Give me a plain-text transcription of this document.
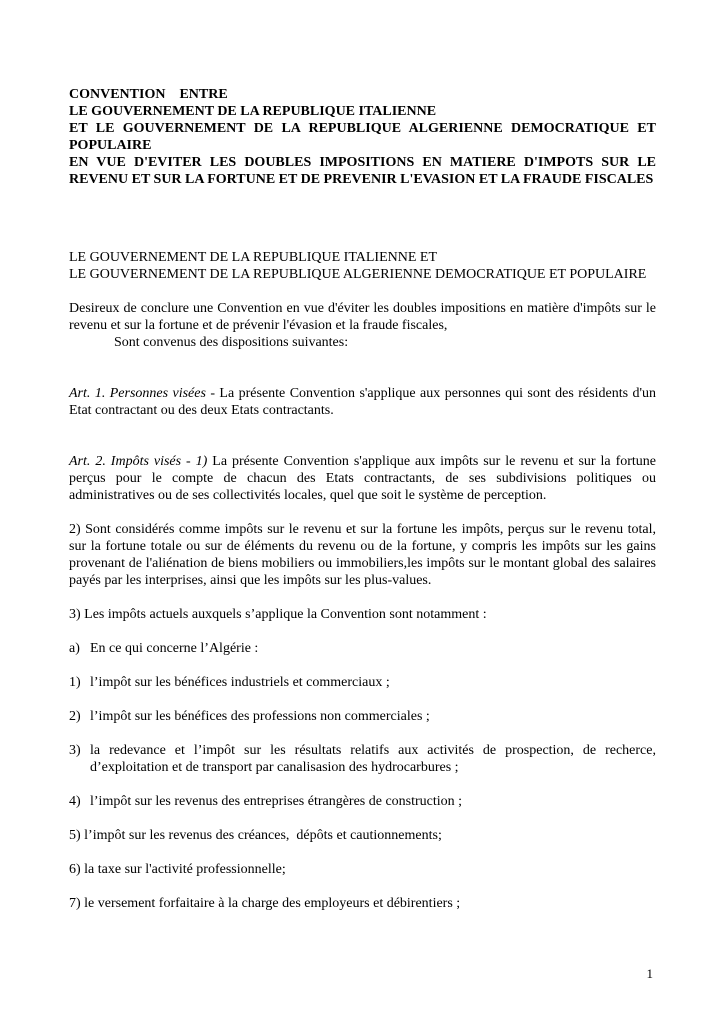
CONVENTION    ENTRE
LE GOUVERNEMENT DE LA REPUBLIQUE ITALIENNE
ET LE GOUVERNEMENT DE LA REPUBLIQUE ALGERIENNE DEMOCRATIQUE ET POPULAIRE
EN VUE D'EVITER LES DOUBLES IMPOSITIONS EN MATIERE D'IMPOTS SUR LE REVENU ET SUR LA FORTUNE ET DE PREVENIR L'EVASION ET LA FRAUDE FISCALES

LE GOUVERNEMENT DE LA REPUBLIQUE ITALIENNE ET

LE GOUVERNEMENT DE LA REPUBLIQUE ALGERIENNE DEMOCRATIQUE ET POPULAIRE

Desireux de conclure une Convention en vue d'éviter les doubles impositions en matière d'impôts sur le revenu et sur la fortune et de prévenir l'évasion et la fraude fiscales,

Sont convenus des dispositions suivantes:

Art. 1. Personnes visées - La présente Convention s'applique aux personnes qui sont des résidents d'un Etat contractant ou des deux Etats contractants.

Art. 2. Impôts visés - 1) La présente Convention s'applique aux impôts sur le revenu et sur la fortune perçus pour le compte de chacun des Etats contractants, de ses subdivisions politiques ou administratives ou de ses collectivités locales, quel que soit le système de perception.

2) Sont considérés comme impôts sur le revenu et sur la fortune les impôts, perçus sur le revenu total, sur la fortune totale ou sur de éléments du revenu ou de la fortune, y compris les impôts sur les gains provenant de l'aliénation de biens mobiliers ou immobiliers,les impôts sur le montant global des salaires payés par les interprises, ainsi que les impôts sur les plus-values.

3) Les impôts actuels auxquels s’applique la Convention sont notamment :

a) En ce qui concerne l’Algérie :
1) l’impôt sur les bénéfices industriels et commerciaux ;
2) l’impôt sur les bénéfices des professions non commerciales ;
3) la redevance et l’impôt sur les résultats relatifs aux activités de prospection, de recherce, d’exploitation et de transport par canalisasion des hydrocarbures ;
4) l’impôt sur les revenus des entreprises étrangères de construction ;

5) l’impôt sur les revenus des créances,  dépôts et cautionnements;

6) la taxe sur l'activité professionnelle;

7) le versement forfaitaire à la charge des employeurs et débirentiers ;

1
